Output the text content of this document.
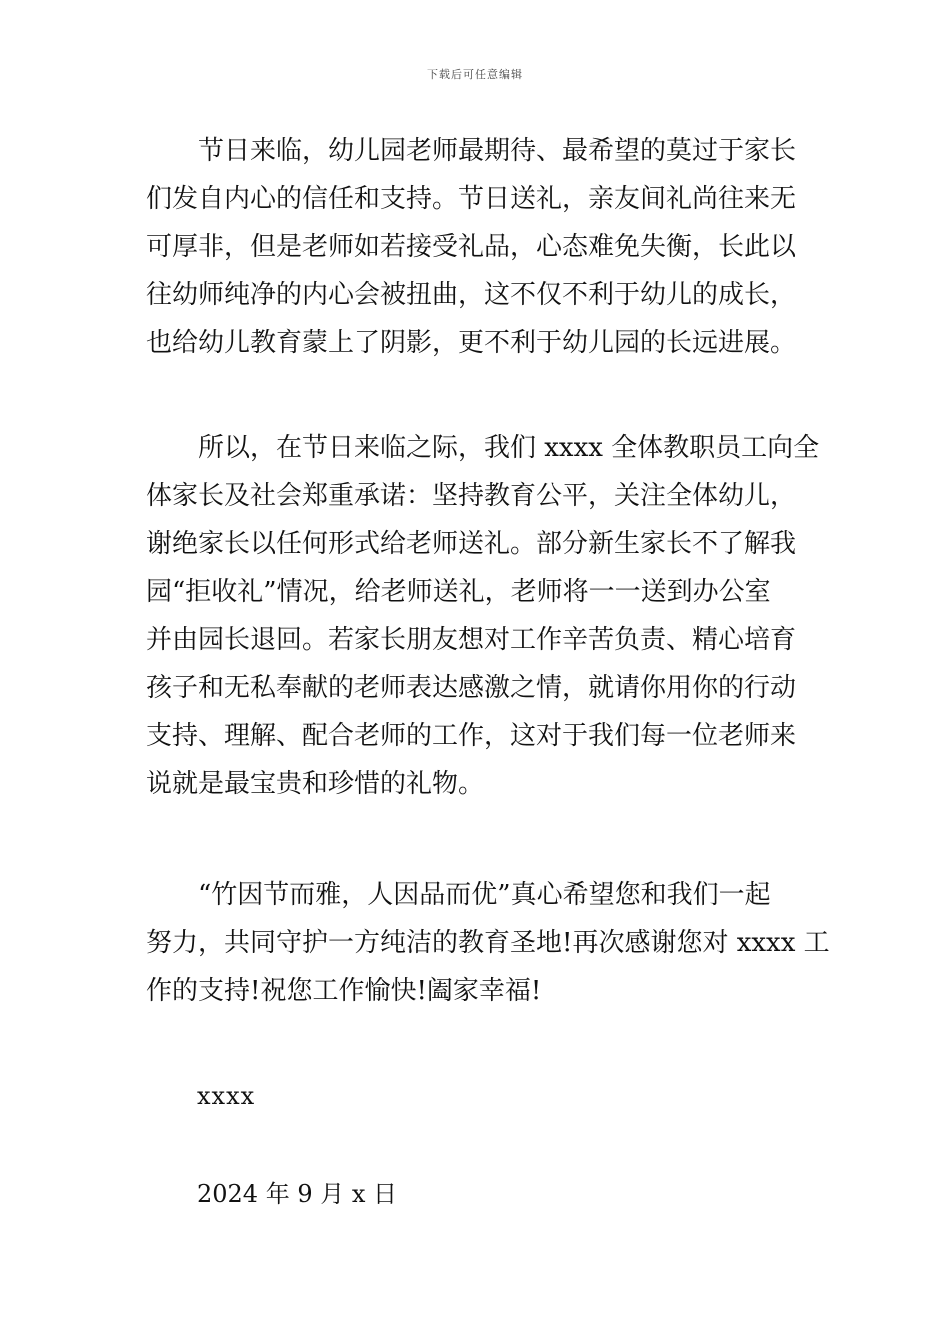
下载后可任意编辑
节日来临，幼儿园老师最期待、最希望的莫过于家长
们发自内心的信任和支持。节日送礼，亲友间礼尚往来无
可厚非，但是老师如若接受礼品，心态难免失衡，长此以
往幼师纯净的内心会被扭曲，这不仅不利于幼儿的成长，
也给幼儿教育蒙上了阴影，更不利于幼儿园的长远进展。
所以，在节日来临之际，我们 xxxx 全体教职员工向全
体家长及社会郑重承诺：坚持教育公平，关注全体幼儿，
谢绝家长以任何形式给老师送礼。部分新生家长不了解我
园“拒收礼”情况，给老师送礼，老师将一一送到办公室
并由园长退回。若家长朋友想对工作辛苦负责、精心培育
孩子和无私奉献的老师表达感激之情，就请你用你的行动
支持、理解、配合老师的工作，这对于我们每一位老师来
说就是最宝贵和珍惜的礼物。
“竹因节而雅，人因品而优”真心希望您和我们一起
努力，共同守护一方纯洁的教育圣地!再次感谢您对 xxxx 工
作的支持!祝您工作愉快!阖家幸福!
xxxx
2024 年 9 月 x 日
